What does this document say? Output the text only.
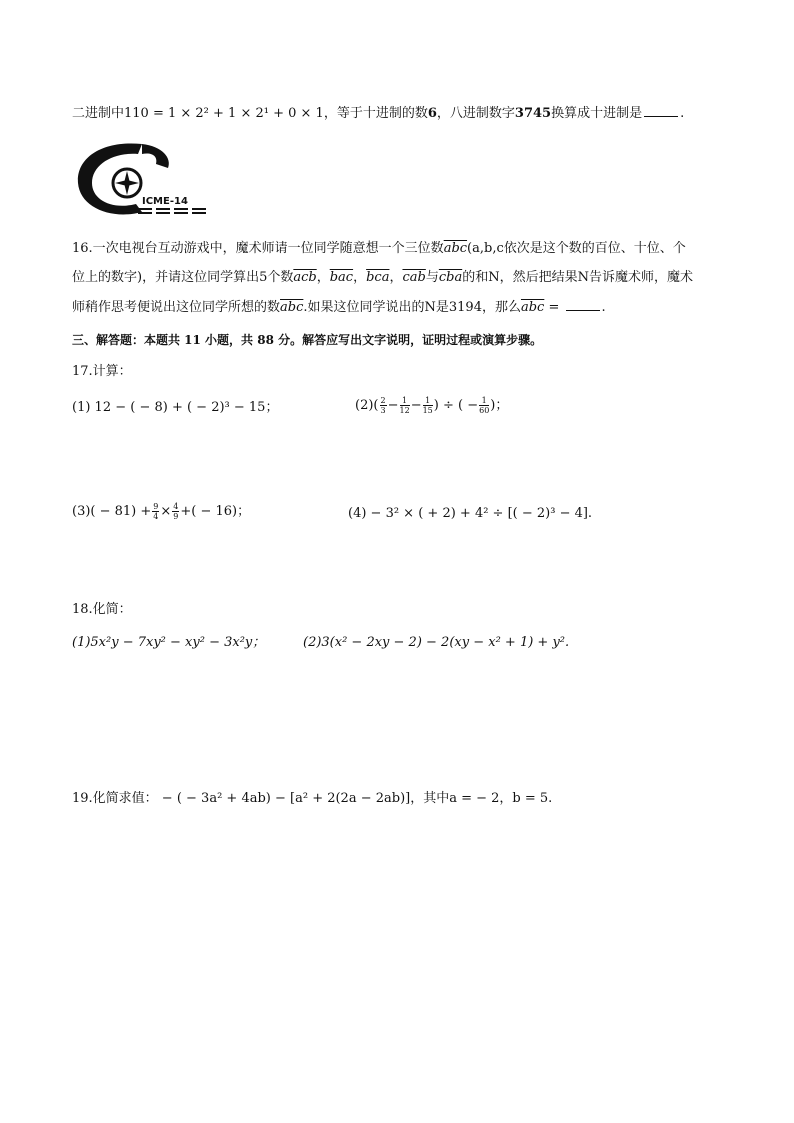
二进制中110 = 1 × 2² + 1 × 2¹ + 0 × 1，等于十进制的数6，八进制数字3745换算成十进制是	.
ICME-14
16.一次电视台互动游戏中，魔术师请一位同学随意想一个三位数$\overline{abc}(a,b,c$依次是这个数的百位、十位、个
位上的数字)，并请这位同学算出5个数$\overline{acb}$，$\overline{bac}$，$\overline{bca}$，$\overline{cab}$与$\overline{cba}$的和N，然后把结果N告诉魔术师，魔术
师稍作思考便说出这位同学所想的数$\overline{abc}$.如果这位同学说出的N是3194，那么$\overline{abc}$ =	.
三、解答题：本题共 11 小题，共 88 分。解答应写出文字说明，证明过程或演算步骤。
17.计算：
(1) 12 − ( − 8) + ( − 2)³ − 15；	$(2)( \frac{2}{3} - \frac{1}{12} - \frac{1}{15}$ ) ÷ ( − $\frac{1}{60}$ )；
$(3)( - 81) + \frac{9}{4} \times \frac{4}{9}$ +( − 16)；	(4) − 3² × ( + 2) + 4² ÷ [( − 2)³ − 4].
18.化简：
(1)5x²y − 7xy² − xy² − 3x²y；	(2)3(x² − 2xy − 2) − 2(xy − x² + 1) + y².
19.化简求值： − ( − 3a² + 4ab) − [a² + 2(2a − 2ab)]，其中a = − 2，b = 5.
